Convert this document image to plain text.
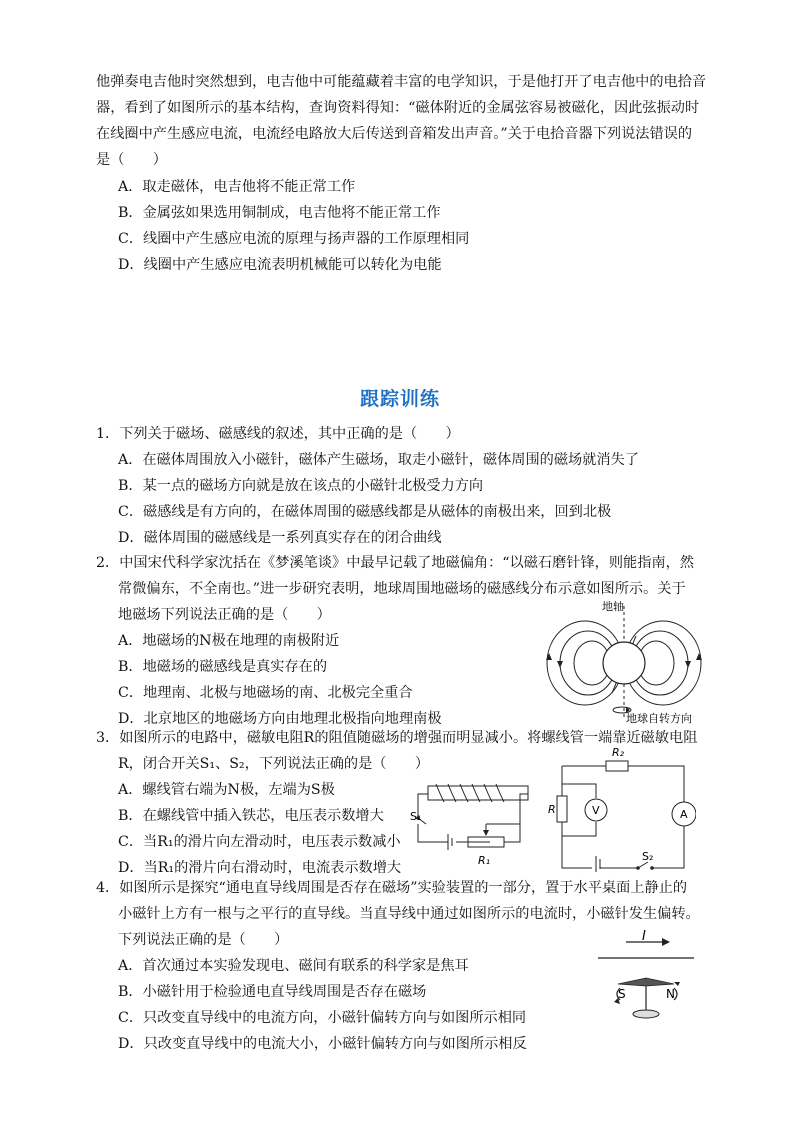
他弹奏电吉他时突然想到，电吉他中可能蕴藏着丰富的电学知识，于是他打开了电吉他中的电拾音
器，看到了如图所示的基本结构，查询资料得知：“磁体附近的金属弦容易被磁化，因此弦振动时
在线圈中产生感应电流，电流经电路放大后传送到音箱发出声音。”关于电拾音器下列说法错误的
是（　　）
A．取走磁体，电吉他将不能正常工作
B．金属弦如果选用铜制成，电吉他将不能正常工作
C．线圈中产生感应电流的原理与扬声器的工作原理相同
D．线圈中产生感应电流表明机械能可以转化为电能
跟踪训练
1．下列关于磁场、磁感线的叙述，其中正确的是（　　）
A．在磁体周围放入小磁针，磁体产生磁场，取走小磁针，磁体周围的磁场就消失了
B．某一点的磁场方向就是放在该点的小磁针北极受力方向
C．磁感线是有方向的，在磁体周围的磁感线都是从磁体的南极出来，回到北极
D．磁体周围的磁感线是一系列真实存在的闭合曲线
2．中国宋代科学家沈括在《梦溪笔谈》中最早记载了地磁偏角：“以磁石磨针锋，则能指南，然
常微偏东，不全南也。”进一步研究表明，地球周围地磁场的磁感线分布示意如图所示。关于
地磁场下列说法正确的是（　　）
A．地磁场的N极在地理的南极附近
B．地磁场的磁感线是真实存在的
C．地理南、北极与地磁场的南、北极完全重合
D．北京地区的地磁场方向由地理北极指向地理南极
地轴
地球自转方向
3．如图所示的电路中，磁敏电阻R的阻值随磁场的增强而明显减小。将螺线管一端靠近磁敏电阻
R，闭合开关S₁、S₂，下列说法正确的是（　　）
A．螺线管右端为N极，左端为S极
B．在螺线管中插入铁芯，电压表示数增大
C．当R₁的滑片向左滑动时，电压表示数减小
D．当R₁的滑片向右滑动时，电流表示数增大
S₁
R₁
R₂
R	V	A
S₂
4．如图所示是探究“通电直导线周围是否存在磁场”实验装置的一部分，置于水平桌面上静止的
小磁针上方有一根与之平行的直导线。当直导线中通过如图所示的电流时，小磁针发生偏转。
下列说法正确的是（　　）
A．首次通过本实验发现电、磁间有联系的科学家是焦耳
B．小磁针用于检验通电直导线周围是否存在磁场
C．只改变直导线中的电流方向，小磁针偏转方向与如图所示相同
D．只改变直导线中的电流大小，小磁针偏转方向与如图所示相反
I
S	N
